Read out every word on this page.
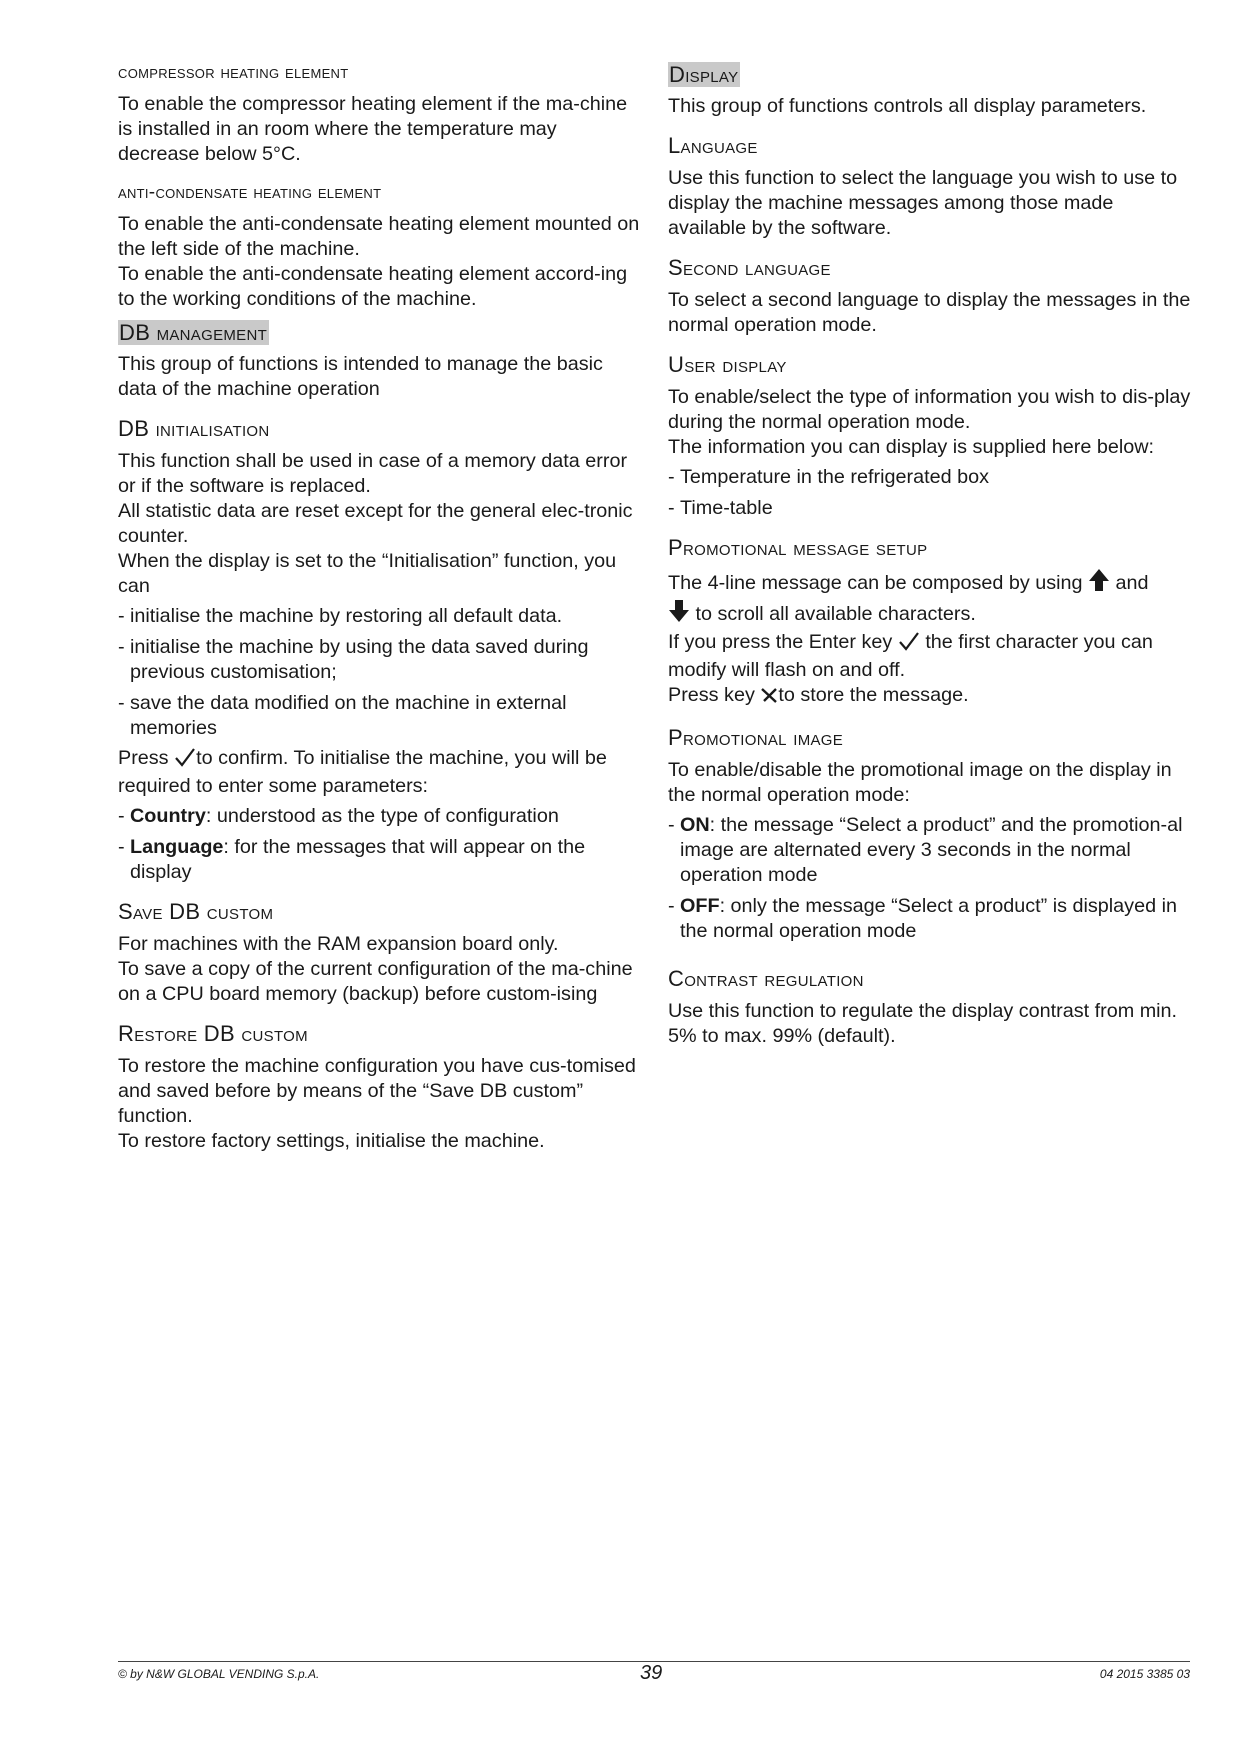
compressor heating element

To enable the compressor heating element if the ma-chine is installed in an room where the temperature may decrease below 5°C.

anti-condensate heating element

To enable the anti-condensate heating element mounted on the left side of the machine.

To enable the anti-condensate heating element accord-ing to the working conditions of the machine.

DB management

This group of functions is intended to manage the basic data of the machine operation

DB initialisation

This function shall be used in case of a memory data error or if the software is replaced.

All statistic data are reset except for the general elec-tronic counter.

When the display is set to the “Initialisation” function, you can

- initialise the machine by restoring all default data.
- initialise the machine by using the data saved during previous customisation;
- save the data modified on the machine in external memories

Press to confirm. To initialise the machine, you will be required to enter some parameters:

- Country: understood as the type of configuration
- Language: for the messages that will appear on the display
Save DB custom

For machines with the RAM expansion board only.

To save a copy of the current configuration of the ma-chine on a CPU board memory (backup) before custom-ising

Restore DB custom

To restore the machine configuration you have cus-tomised and saved before by means of the “Save DB custom” function.

To restore factory settings, initialise the machine.

Display

This group of functions controls all display parameters.

Language

Use this function to select the language you wish to use to display the machine messages among those made available by the software.

Second language

To select a second language to display the messages in the normal operation mode.

User display

To enable/select the type of information you wish to dis-play during the normal operation mode.

The information you can display is supplied here below:

- Temperature in the refrigerated box
- Time-table
Promotional message setup

The 4-line message can be composed by using and

to scroll all available characters.

If you press the Enter key the first character you can modify will flash on and off.

Press key to store the message.

Promotional image

To enable/disable the promotional image on the display in the normal operation mode:

- ON: the message “Select a product” and the promotion-al image are alternated every 3 seconds in the normal operation mode
- OFF: only the message “Select a product” is displayed in the normal operation mode
Contrast regulation

Use this function to regulate the display contrast from min. 5% to max. 99% (default).

© by N&W GLOBAL VENDING S.p.A.	39	04 2015 3385 03
